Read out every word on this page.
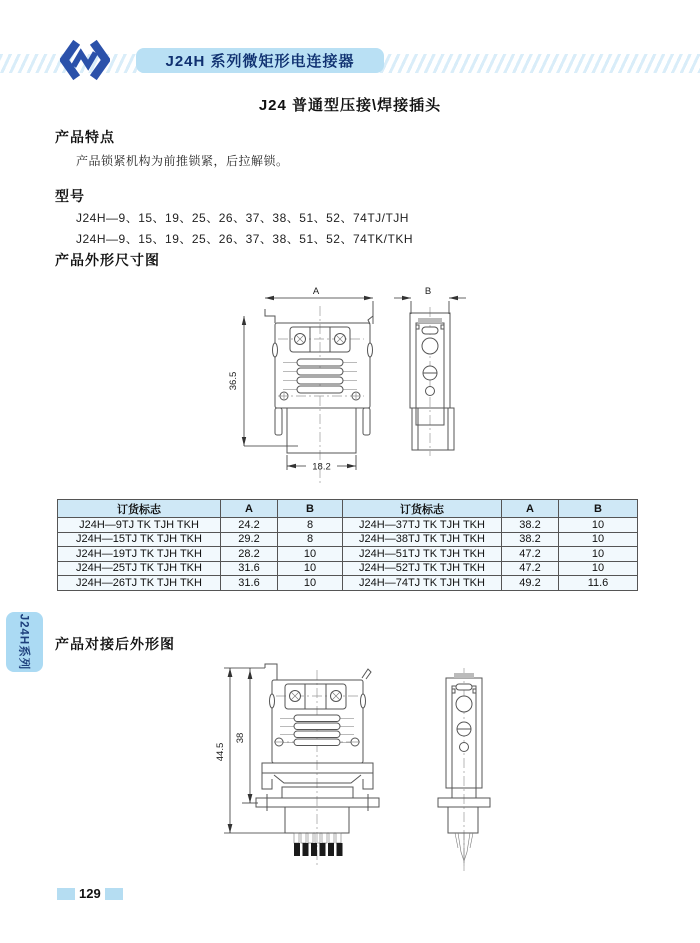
J24H 系列微矩形电连接器
J24 普通型压接\焊接插头
产品特点
产品锁紧机构为前推锁紧，后拉解锁。
型号
J24H—9、15、19、25、26、37、38、51、52、74TJ/TJH
J24H—9、15、19、25、26、37、38、51、52、74TK/TKH
产品外形尺寸图
A
36.5
18.2
B
订货标志	A	B	订货标志	A	B
J24H—9TJ TK TJH TKH	24.2	8	J24H—37TJ TK TJH TKH	38.2	10
J24H—15TJ TK TJH TKH	29.2	8	J24H—38TJ TK TJH TKH	38.2	10
J24H—19TJ TK TJH TKH	28.2	10	J24H—51TJ TK TJH TKH	47.2	10
J24H—25TJ TK TJH TKH	31.6	10	J24H—52TJ TK TJH TKH	47.2	10
J24H—26TJ TK TJH TKH	31.6	10	J24H—74TJ TK TJH TKH	49.2	11.6
J24H系列 产品对接后外形图
44.5
38
129
